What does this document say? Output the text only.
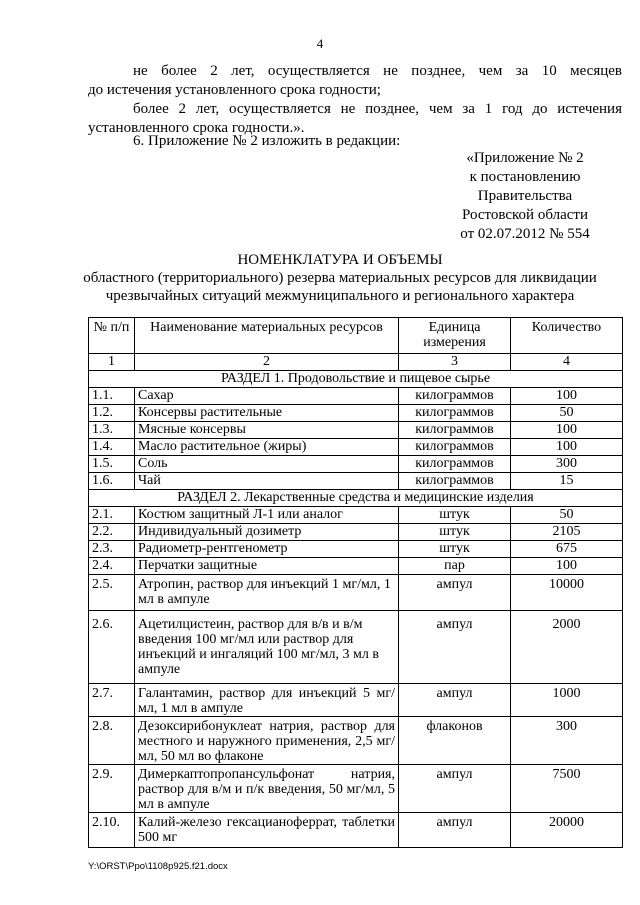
4
не более 2 лет, осуществляется не позднее, чем за 10 месяцев
до истечения установленного срока годности;
более 2 лет, осуществляется не позднее, чем за 1 год до истечения
установленного срока годности.».
6. Приложение № 2 изложить в редакции:
«Приложение № 2
к постановлению
Правительства
Ростовской области
от 02.07.2012 № 554
НОМЕНКЛАТУРА И ОБЪЕМЫ
областного (территориального) резерва материальных ресурсов для ликвидации
чрезвычайных ситуаций межмуниципального и регионального характера
№ п/п	Наименование материальных ресурсов	Единица измерения	Количество
1	2	3	4
РАЗДЕЛ 1. Продовольствие и пищевое сырье			
1.1.	Сахар	килограммов	100
1.2.	Консервы растительные	килограммов	50
1.3.	Мясные консервы	килограммов	100
1.4.	Масло растительное (жиры)	килограммов	100
1.5.	Соль	килограммов	300
1.6.	Чай	килограммов	15
РАЗДЕЛ 2. Лекарственные средства и медицинские изделия			
2.1.	Костюм защитный Л-1 или аналог	штук	50
2.2.	Индивидуальный дозиметр	штук	2105
2.3.	Радиометр-рентгенометр	штук	675
2.4.	Перчатки защитные	пар	100
2.5.	Атропин, раствор для инъекций 1 мг/мл, 1 мл в ампуле	ампул	10000
2.6.	Ацетилцистеин, раствор для в/в и в/м введения 100 мг/мл или раствор для инъекций и ингаляций 100 мг/мл, 3 мл в ампуле	ампул	2000
2.7.	Галантамин, раствор для инъекций 5 мг/мл, 1 мл в ампуле	ампул	1000
2.8.	Дезоксирибонуклеат натрия, раствор для местного и наружного применения, 2,5 мг/мл, 50 мл во флаконе	флаконов	300
2.9.	Димеркаптопропансульфонат натрия, раствор для в/м и п/к введения, 50 мг/мл, 5 мл в ампуле	ампул	7500
2.10.	Калий-железо гексацианоферрат, таблетки 500 мг	ампул	20000
Y:\ORST\Ppo\1108p925.f21.docx
